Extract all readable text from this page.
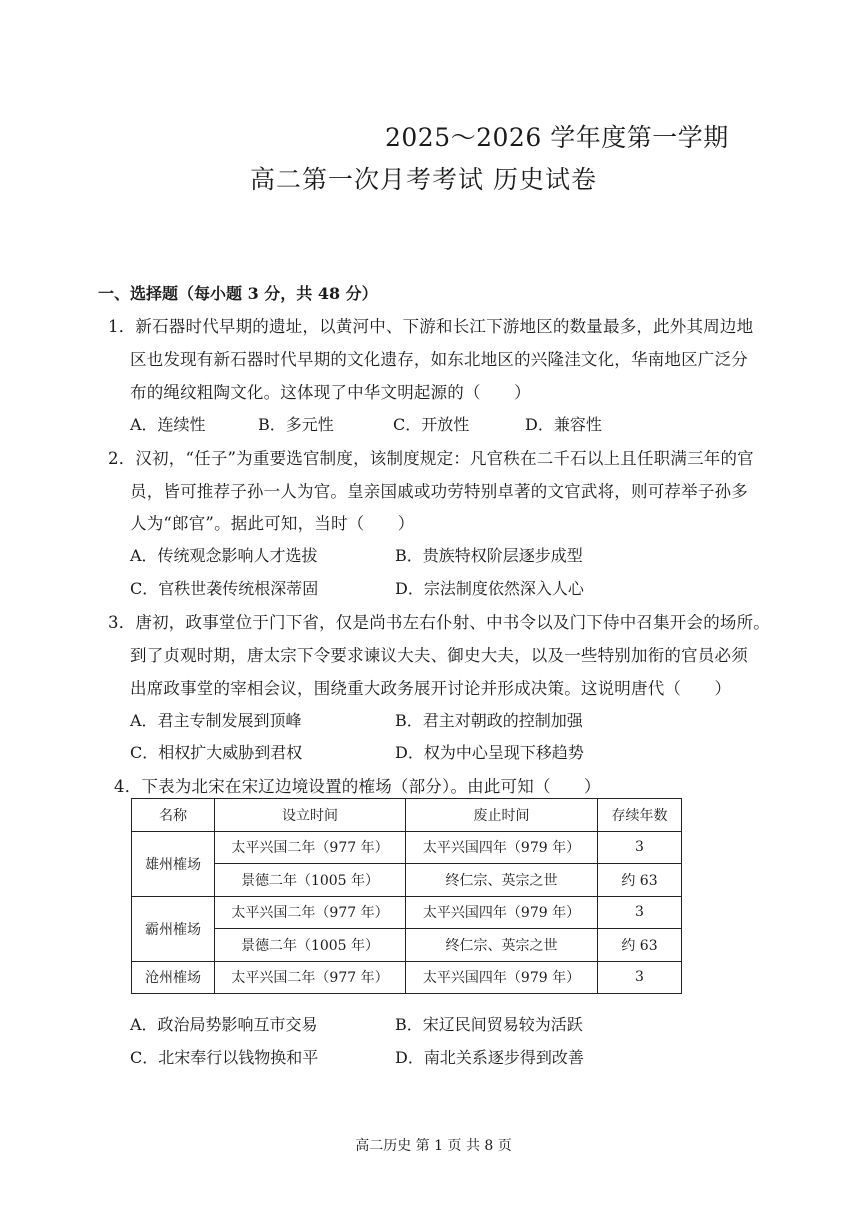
2025～2026 学年度第一学期
高二第一次月考考试 历史试卷
一、选择题（每小题 3 分，共 48 分）
1．新石器时代早期的遗址，以黄河中、下游和长江下游地区的数量最多，此外其周边地
区也发现有新石器时代早期的文化遗存，如东北地区的兴隆洼文化，华南地区广泛分
布的绳纹粗陶文化。这体现了中华文明起源的（　　）
A．连续性	B．多元性	C．开放性	D．兼容性
2．汉初，“任子”为重要选官制度，该制度规定：凡官秩在二千石以上且任职满三年的官
员，皆可推荐子孙一人为官。皇亲国戚或功劳特别卓著的文官武将，则可荐举子孙多
人为“郎官”。据此可知，当时（　　）
A．传统观念影响人才选拔	B．贵族特权阶层逐步成型
C．官秩世袭传统根深蒂固	D．宗法制度依然深入人心
3．唐初，政事堂位于门下省，仅是尚书左右仆射、中书令以及门下侍中召集开会的场所。
到了贞观时期，唐太宗下令要求谏议大夫、御史大夫，以及一些特别加衔的官员必须
出席政事堂的宰相会议，围绕重大政务展开讨论并形成决策。这说明唐代（　　）
A．君主专制发展到顶峰	B．君主对朝政的控制加强
C．相权扩大威胁到君权	D．权为中心呈现下移趋势
4．下表为北宋在宋辽边境设置的榷场（部分）。由此可知（　　）
名称	设立时间	废止时间	存续年数
雄州榷场	太平兴国二年（977 年）	太平兴国四年（979 年）	3
	景德二年（1005 年）	终仁宗、英宗之世	约 63
霸州榷场	太平兴国二年（977 年）	太平兴国四年（979 年）	3
	景德二年（1005 年）	终仁宗、英宗之世	约 63
沧州榷场	太平兴国二年（977 年）	太平兴国四年（979 年）	3
A．政治局势影响互市交易	B．宋辽民间贸易较为活跃
C．北宋奉行以钱物换和平	D．南北关系逐步得到改善
高二历史 第 1 页 共 8 页
